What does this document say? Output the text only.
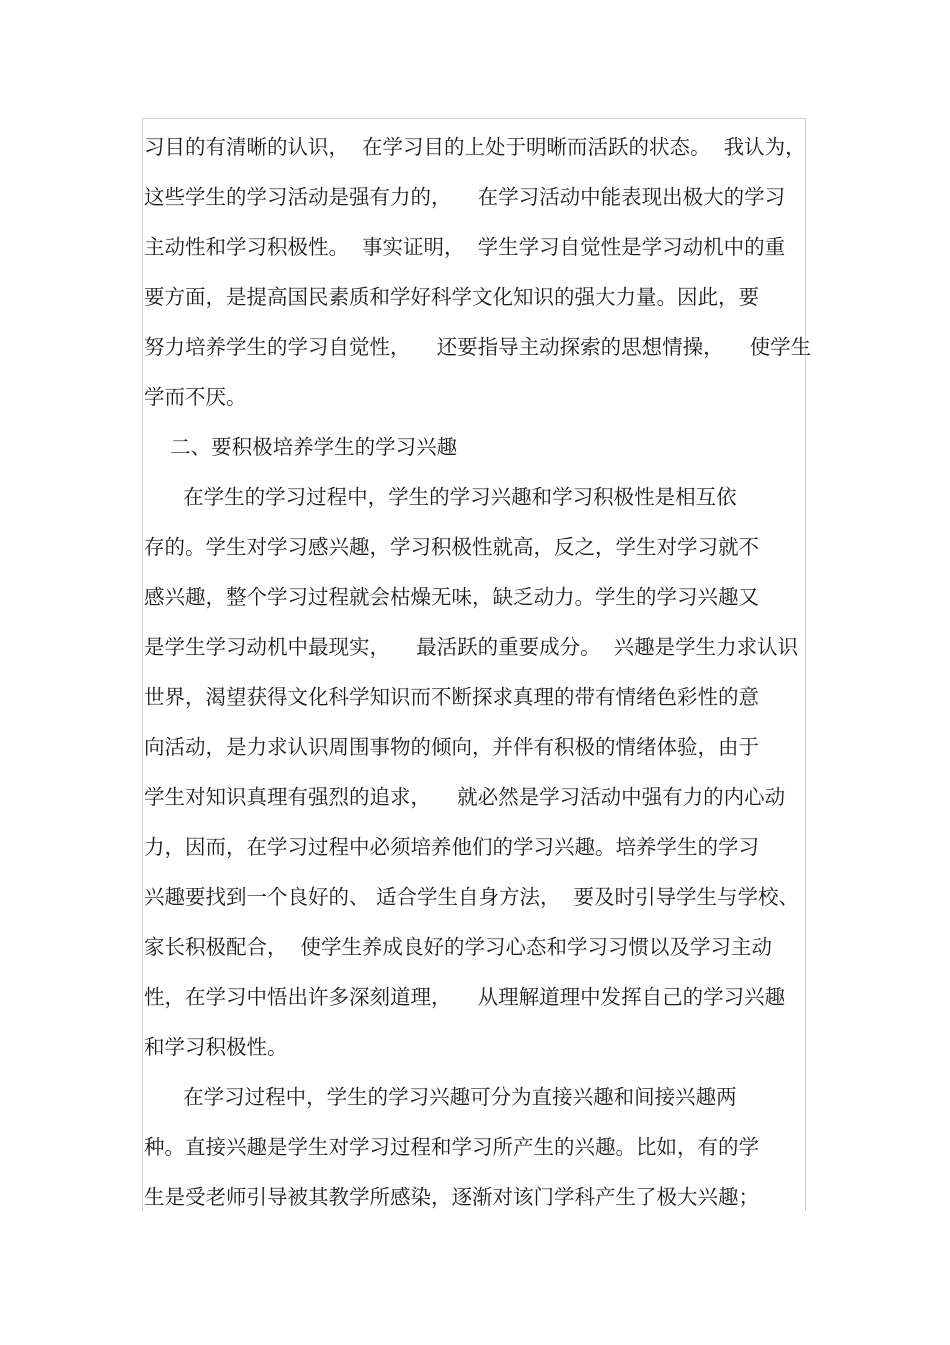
习目的有清晰的认识，  在学习目的上处于明晰而活跃的状态。  我认为，
这些学生的学习活动是强有力的，    在学习活动中能表现出极大的学习
主动性和学习积极性。  事实证明，  学生学习自觉性是学习动机中的重
要方面，是提高国民素质和学好科学文化知识的强大力量。因此，要
努力培养学生的学习自觉性，    还要指导主动探索的思想情操，    使学生
学而不厌。
二、要积极培养学生的学习兴趣
在学生的学习过程中，学生的学习兴趣和学习积极性是相互依
存的。学生对学习感兴趣，学习积极性就高，反之，学生对学习就不
感兴趣，整个学习过程就会枯燥无味，缺乏动力。学生的学习兴趣又
是学生学习动机中最现实，    最活跃的重要成分。  兴趣是学生力求认识
世界，渴望获得文化科学知识而不断探求真理的带有情绪色彩性的意
向活动，是力求认识周围事物的倾向，并伴有积极的情绪体验，由于
学生对知识真理有强烈的追求，    就必然是学习活动中强有力的内心动
力，因而，在学习过程中必须培养他们的学习兴趣。培养学生的学习
兴趣要找到一个良好的、 适合学生自身方法，  要及时引导学生与学校、
家长积极配合，  使学生养成良好的学习心态和学习习惯以及学习主动
性，在学习中悟出许多深刻道理，    从理解道理中发挥自己的学习兴趣
和学习积极性。
在学习过程中，学生的学习兴趣可分为直接兴趣和间接兴趣两
种。直接兴趣是学生对学习过程和学习所产生的兴趣。比如，有的学
生是受老师引导被其教学所感染，逐渐对该门学科产生了极大兴趣；
